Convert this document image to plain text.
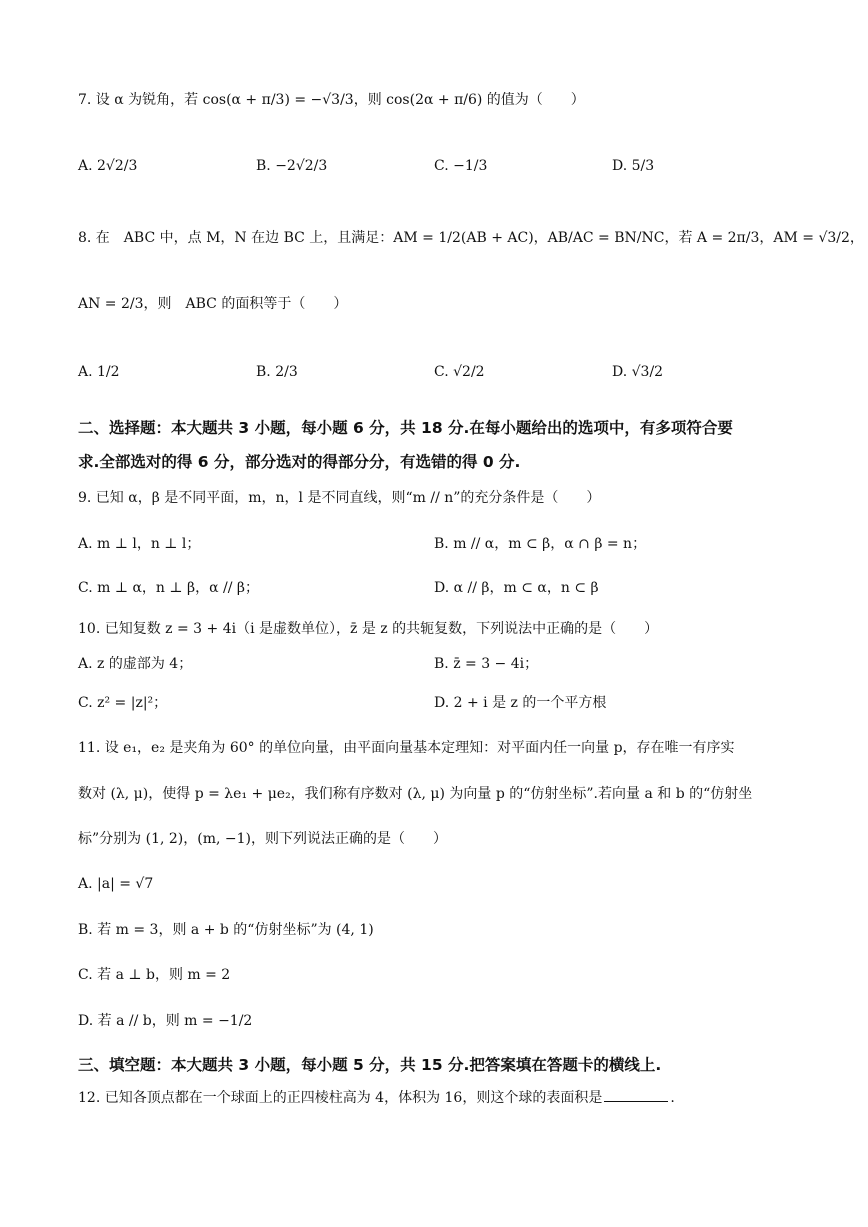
7. 设 α 为锐角，若 cos(α + π/3) = −√3/3，则 cos(2α + π/6) 的值为（　　）
A. 2√2/3	B. −2√2/3	C. −1/3	D. 5/3
8. 在　ABC 中，点 M，N 在边 BC 上，且满足：AM = 1/2(AB + AC)，AB/AC = BN/NC，若 A = 2π/3，AM = √3/2，
AN = 2/3，则　ABC 的面积等于（　　）
A. 1/2	B. 2/3	C. √2/2	D. √3/2
二、选择题：本大题共 3 小题，每小题 6 分，共 18 分.在每小题给出的选项中，有多项符合要
求.全部选对的得 6 分，部分选对的得部分分，有选错的得 0 分.
9. 已知 α，β 是不同平面，m，n，l 是不同直线，则“m // n”的充分条件是（　　）
A. m ⊥ l，n ⊥ l；	B. m // α，m ⊂ β，α ∩ β = n；
C. m ⊥ α，n ⊥ β，α // β；	D. α // β，m ⊂ α，n ⊂ β
10. 已知复数 z = 3 + 4i（i 是虚数单位），z̄ 是 z 的共轭复数，下列说法中正确的是（　　）
A. z 的虚部为 4；	B. z̄ = 3 − 4i；
C. z² = |z|²；	D. 2 + i 是 z 的一个平方根
11. 设 e₁，e₂ 是夹角为 60° 的单位向量，由平面向量基本定理知：对平面内任一向量 p，存在唯一有序实
数对 (λ, μ)，使得 p = λe₁ + μe₂，我们称有序数对 (λ, μ) 为向量 p 的“仿射坐标”.若向量 a 和 b 的“仿射坐
标”分别为 (1, 2)，(m, −1)，则下列说法正确的是（　　）
A. |a| = √7
B. 若 m = 3，则 a + b 的“仿射坐标”为 (4, 1)
C. 若 a ⊥ b，则 m = 2
D. 若 a // b，则 m = −1/2
三、填空题：本大题共 3 小题，每小题 5 分，共 15 分.把答案填在答题卡的横线上.
12. 已知各顶点都在一个球面上的正四棱柱高为 4，体积为 16，则这个球的表面积是	.
